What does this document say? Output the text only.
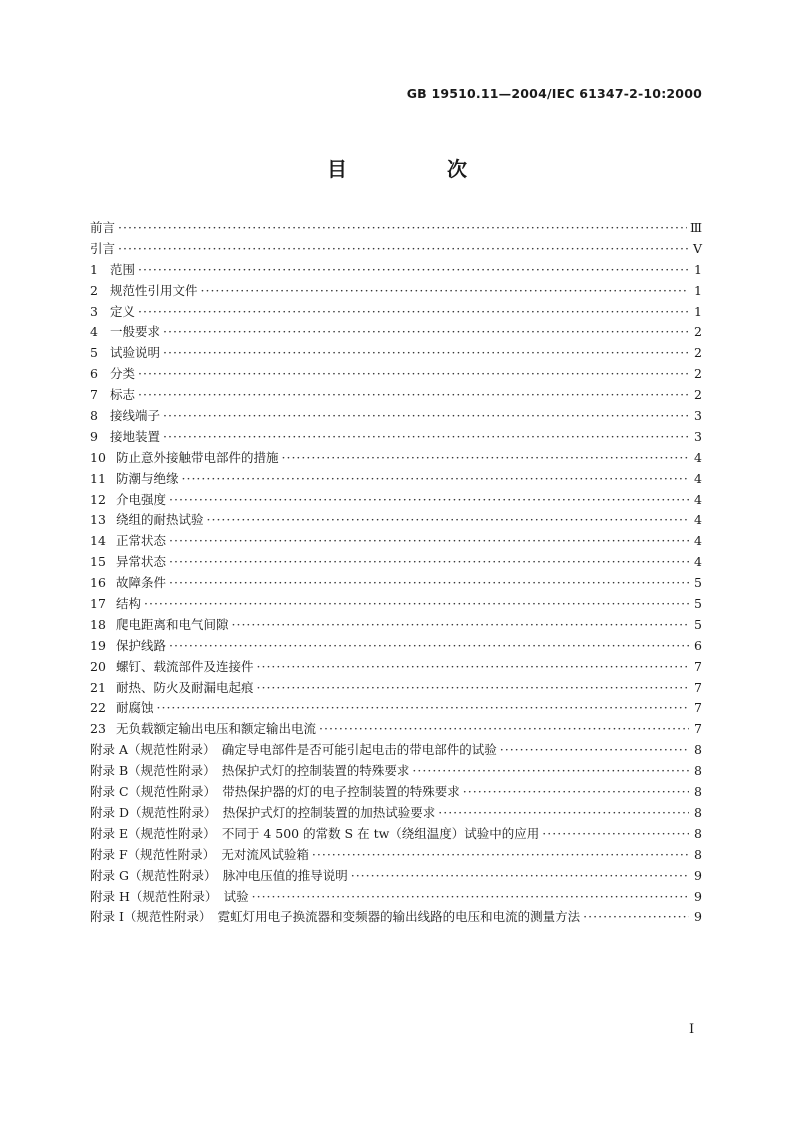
GB 19510.11—2004/IEC 61347-2-10:2000
目　次
前言 ·····	Ⅲ
引言 ·····	Ⅴ
1 范围 ·····	1
2 规范性引用文件 ·····	1
3 定义 ·····	1
4 一般要求 ·····	2
5 试验说明 ·····	2
6 分类 ·····	2
7 标志 ·····	2
8 接线端子 ·····	3
9 接地装置 ·····	3
10 防止意外接触带电部件的措施 ·····	4
11 防潮与绝缘 ·····	4
12 介电强度 ·····	4
13 绕组的耐热试验 ·····	4
14 正常状态 ·····	4
15 异常状态 ·····	4
16 故障条件 ·····	5
17 结构 ·····	5
18 爬电距离和电气间隙 ·····	5
19 保护线路 ·····	6
20 螺钉、载流部件及连接件 ·····	7
21 耐热、防火及耐漏电起痕 ·····	7
22 耐腐蚀 ·····	7
23 无负载额定输出电压和额定输出电流 ·····	7
附录 A（规范性附录）　确定导电部件是否可能引起电击的带电部件的试验 ·····	8
附录 B（规范性附录）　热保护式灯的控制装置的特殊要求 ·····	8
附录 C（规范性附录）　带热保护器的灯的电子控制装置的特殊要求 ·····	8
附录 D（规范性附录）　热保护式灯的控制装置的加热试验要求 ·····	8
附录 E（规范性附录）　不同于 4 500 的常数 S 在 tw（绕组温度）试验中的应用 ·····	8
附录 F（规范性附录）　无对流风试验箱 ·····	8
附录 G（规范性附录）　脉冲电压值的推导说明 ·····	9
附录 H（规范性附录）　试验 ·····	9
附录 I（规范性附录）　霓虹灯用电子换流器和变频器的输出线路的电压和电流的测量方法 ·····	9
Ⅰ
